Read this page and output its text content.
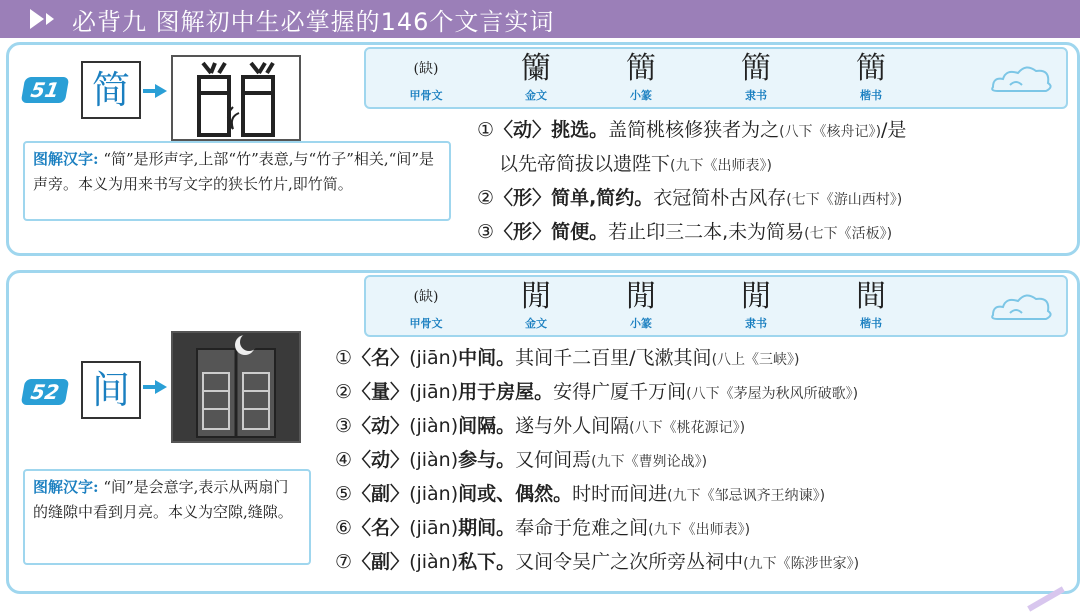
必背九 图解初中生必掌握的146个文言实词
(缺)
甲骨文
籣
金文
簡
小篆
簡
隶书
簡
楷书
51 简
图解汉字: “简”是形声字,上部“竹”表意,与“竹子”相关,“间”是声旁。本义为用来书写文字的狭长竹片,即竹简。
①〈动〉挑选。盖简桃核修狭者为之(八下《核舟记》)/是
以先帝简拔以遗陛下(九下《出师表》)
②〈形〉简单,简约。衣冠简朴古风存(七下《游山西村》)
③〈形〉简便。若止印三二本,未为简易(七下《活板》)
(缺)
甲骨文
閒
金文
閒
小篆
閒
隶书
間
楷书
52 间
图解汉字: “间”是会意字,表示从两扇门的缝隙中看到月亮。本义为空隙,缝隙。
①〈名〉(jiān)中间。其间千二百里/飞漱其间(八上《三峡》)
②〈量〉(jiān)用于房屋。安得广厦千万间(八下《茅屋为秋风所破歌》)
③〈动〉(jiàn)间隔。遂与外人间隔(八下《桃花源记》)
④〈动〉(jiàn)参与。又何间焉(九下《曹刿论战》)
⑤〈副〉(jiàn)间或、偶然。时时而间进(九下《邹忌讽齐王纳谏》)
⑥〈名〉(jiān)期间。奉命于危难之间(九下《出师表》)
⑦〈副〉(jiàn)私下。又间令吴广之次所旁丛祠中(九下《陈涉世家》)
